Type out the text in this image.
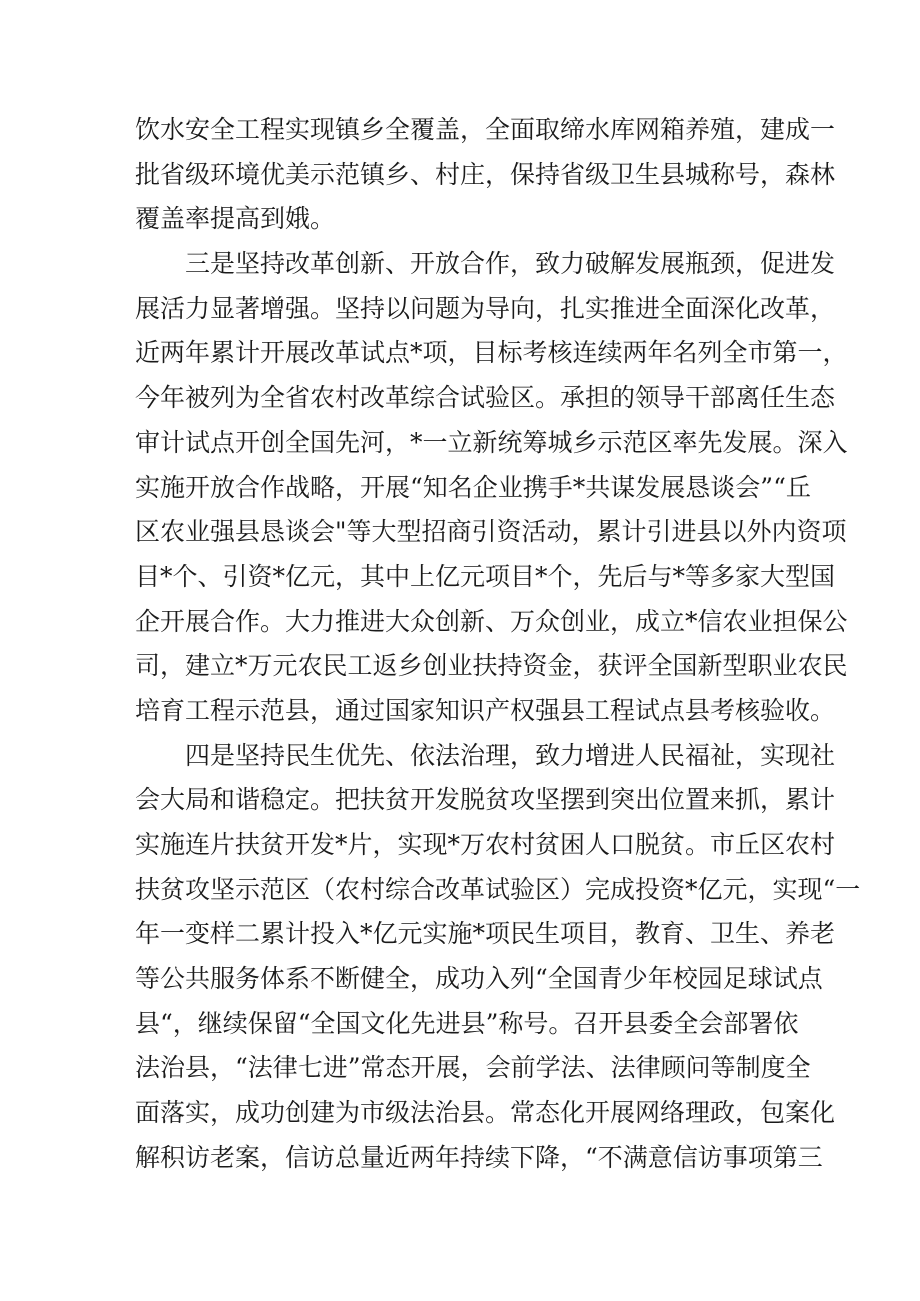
饮水安全工程实现镇乡全覆盖，全面取缔水库网箱养殖，建成一
批省级环境优美示范镇乡、村庄，保持省级卫生县城称号，森林
覆盖率提高到娥。
　　三是坚持改革创新、开放合作，致力破解发展瓶颈，促进发
展活力显著增强。坚持以问题为导向，扎实推进全面深化改革，
近两年累计开展改革试点*项，目标考核连续两年名列全市第一，
今年被列为全省农村改革综合试验区。承担的领导干部离任生态
审计试点开创全国先河，*一立新统筹城乡示范区率先发展。深入
实施开放合作战略，开展“知名企业携手*共谋发展恳谈会”“丘
区农业强县恳谈会"等大型招商引资活动，累计引进县以外内资项
目*个、引资*亿元，其中上亿元项目*个，先后与*等多家大型国
企开展合作。大力推进大众创新、万众创业，成立*信农业担保公
司，建立*万元农民工返乡创业扶持资金，获评全国新型职业农民
培育工程示范县，通过国家知识产权强县工程试点县考核验收。
　　四是坚持民生优先、依法治理，致力增进人民福祉，实现社
会大局和谐稳定。把扶贫开发脱贫攻坚摆到突出位置来抓，累计
实施连片扶贫开发*片，实现*万农村贫困人口脱贫。市丘区农村
扶贫攻坚示范区（农村综合改革试验区）完成投资*亿元，实现“一
年一变样二累计投入*亿元实施*项民生项目，教育、卫生、养老
等公共服务体系不断健全，成功入列“全国青少年校园足球试点
县“，继续保留“全国文化先进县”称号。召开县委全会部署依
法治县，“法律七进”常态开展，会前学法、法律顾问等制度全
面落实，成功创建为市级法治县。常态化开展网络理政，包案化
解积访老案，信访总量近两年持续下降，“不满意信访事项第三
